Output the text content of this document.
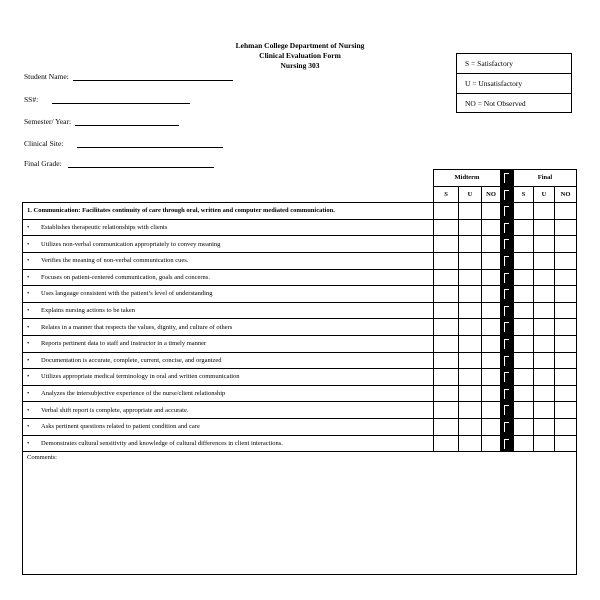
Lehman College Department of Nursing
Clinical Evaluation Form
Nursing 303	S = Satisfactory
U = Unsatisfactory
NO = Not Observed
Student Name:
SS#:
Semester/ Year:
Clinical Site:
Final Grade:
	Midterm				Final		
	S	U	NO		S	U	NO
1. Communication: Facilitates continuity of care through oral, written and computer mediated communication.							
• Establishes therapeutic relationships with clients							
• Utilizes non-verbal communication appropriately to convey meaning							
• Verifies the meaning of non-verbal communication cues.							
• Focuses on patient-centered communication, goals and concerns.							
• Uses language consistent with the patient’s level of understanding							
• Explains nursing actions to be taken							
• Relates in a manner that respects the values, dignity, and culture of others							
• Reports pertinent data to staff and instructor in a timely manner							
• Documentation is accurate, complete, current, concise, and organized							
• Utilizes appropriate medical terminology in oral and written communication							
• Analyzes the intersubjective experience of the nurse/client relationship							
• Verbal shift report is complete, appropriate and accurate.							
• Asks pertinent questions related to patient condition and care							
• Demonstrates cultural sensitivity and knowledge of cultural differences in client interactions.							
Comments:							
